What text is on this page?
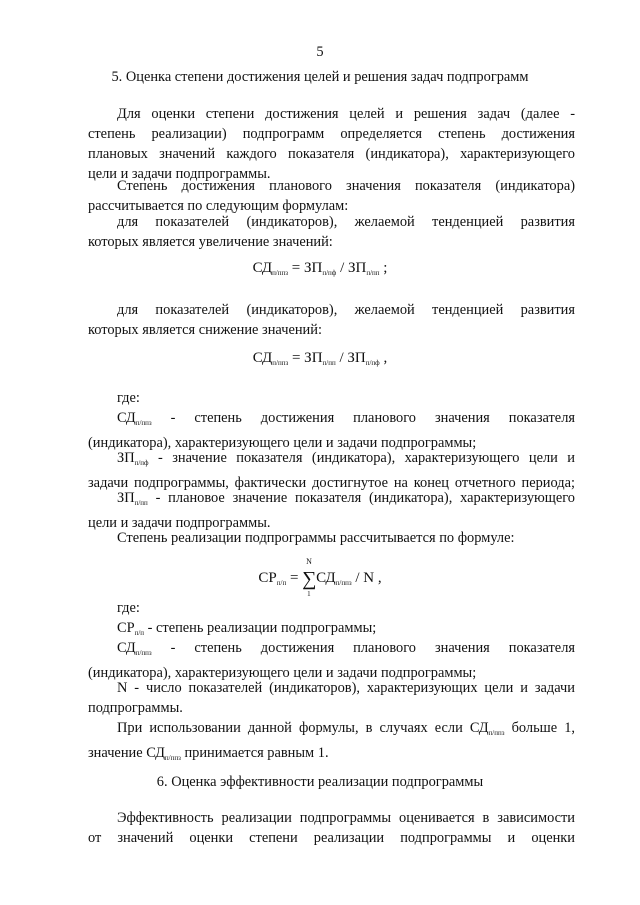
5
5. Оценка степени достижения целей и решения задач подпрограмм
Для оценки степени достижения целей и решения задач (далее -
степень реализации) подпрограмм определяется степень достижения
плановых значений каждого показателя (индикатора), характеризующего
цели и задачи подпрограммы.
Степень достижения планового значения показателя (индикатора)
рассчитывается по следующим формулам:
для показателей (индикаторов), желаемой тенденцией развития
которых является увеличение значений:
$СД_{п/ппз} = ЗП_{п/пф} / ЗП_{п/пп}$ ;
для показателей (индикаторов), желаемой тенденцией развития
которых является снижение значений:
$СД_{п/ппз} = ЗП_{п/пп} / ЗП_{п/пф}$ ,
где:
$СД_{п/ппз}$ - степень достижения планового значения показателя
(индикатора), характеризующего цели и задачи подпрограммы;
$ЗП_{п/пф}$ - значение показателя (индикатора), характеризующего цели и
задачи подпрограммы, фактически достигнутое на конец отчетного периода;
$ЗП_{п/пп}$ - плановое значение показателя (индикатора), характеризующего
цели и задачи подпрограммы.
Степень реализации подпрограммы рассчитывается по формуле:
$СР_{п/п}$ =
N
∑
1
$СД_{п/ппз}$ / N ,
где:
$СР_{п/п}$ - степень реализации подпрограммы;
$СД_{п/ппз}$ - степень достижения планового значения показателя
(индикатора), характеризующего цели и задачи подпрограммы;
N - число показателей (индикаторов), характеризующих цели и задачи
подпрограммы.
При использовании данной формулы, в случаях если $СД_{п/ппз}$ больше 1,
значение $СД_{п/ппз}$ принимается равным 1.
6. Оценка эффективности реализации подпрограммы
Эффективность реализации подпрограммы оценивается в зависимости
от значений оценки степени реализации подпрограммы и оценки
